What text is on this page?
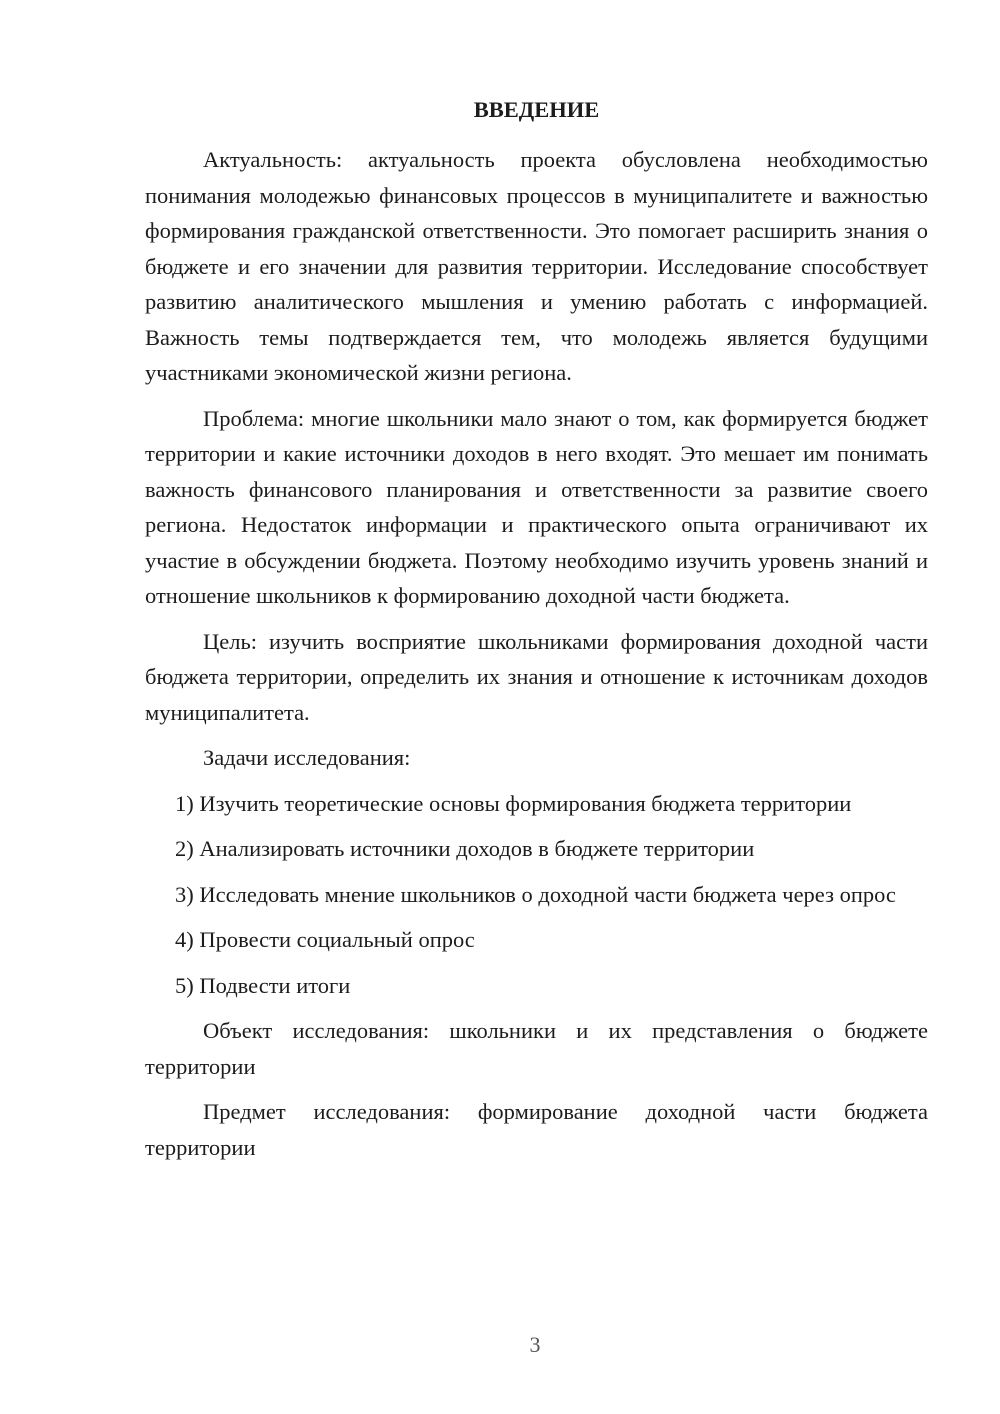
ВВЕДЕНИЕ

Актуальность: актуальность проекта обусловлена необходимостью понимания молодежью финансовых процессов в муниципалитете и важностью формирования гражданской ответственности. Это помогает расширить знания о бюджете и его значении для развития территории. Исследование способствует развитию аналитического мышления и умению работать с информацией. Важность темы подтверждается тем, что молодежь является будущими участниками экономической жизни региона.

Проблема: многие школьники мало знают о том, как формируется бюджет территории и какие источники доходов в него входят. Это мешает им понимать важность финансового планирования и ответственности за развитие своего региона. Недостаток информации и практического опыта ограничивают их участие в обсуждении бюджета. Поэтому необходимо изучить уровень знаний и отношение школьников к формированию доходной части бюджета.

Цель: изучить восприятие школьниками формирования доходной части бюджета территории, определить их знания и отношение к источникам доходов муниципалитета.

Задачи исследования:

1) Изучить теоретические основы формирования бюджета территории

2) Анализировать источники доходов в бюджете территории

3) Исследовать мнение школьников о доходной части бюджета через опрос

4) Провести социальный опрос

5) Подвести итоги

Объект исследования: школьники и их представления о бюджете территории

Предмет исследования: формирование доходной части бюджета территории

3
